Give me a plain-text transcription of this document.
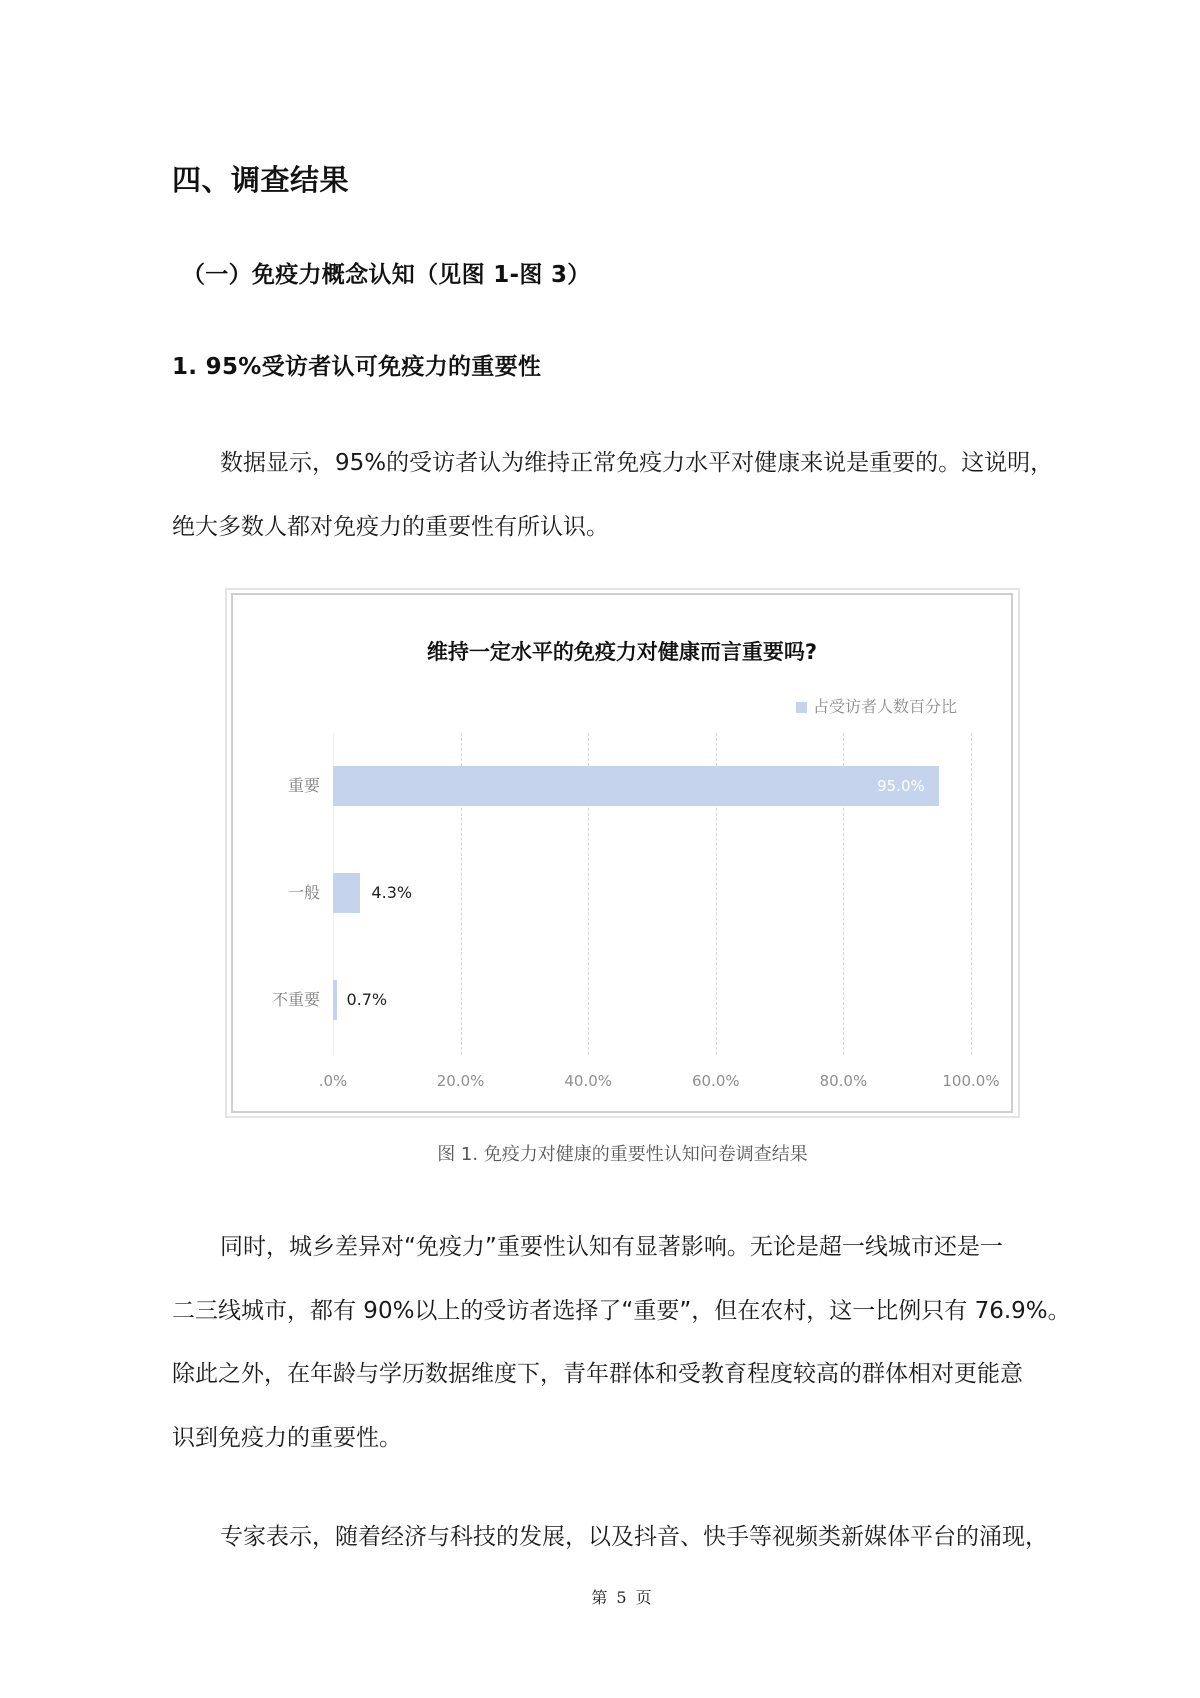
四、调查结果
（一）免疫力概念认知（见图 1-图 3）
1. 95%受访者认可免疫力的重要性
数据显示，95%的受访者认为维持正常免疫力水平对健康来说是重要的。这说明，
绝大多数人都对免疫力的重要性有所认识。
维持一定水平的免疫力对健康而言重要吗?
占受访者人数百分比
95.0%
4.3%
0.7%
重要
一般
不重要
.0%	20.0%	40.0%	60.0%	80.0%	100.0%
图 1. 免疫力对健康的重要性认知问卷调查结果
同时，城乡差异对“免疫力”重要性认知有显著影响。无论是超一线城市还是一
二三线城市，都有 90%以上的受访者选择了“重要”，但在农村，这一比例只有 76.9%。
除此之外，在年龄与学历数据维度下，青年群体和受教育程度较高的群体相对更能意
识到免疫力的重要性。
专家表示，随着经济与科技的发展，以及抖音、快手等视频类新媒体平台的涌现，
第 5 页
